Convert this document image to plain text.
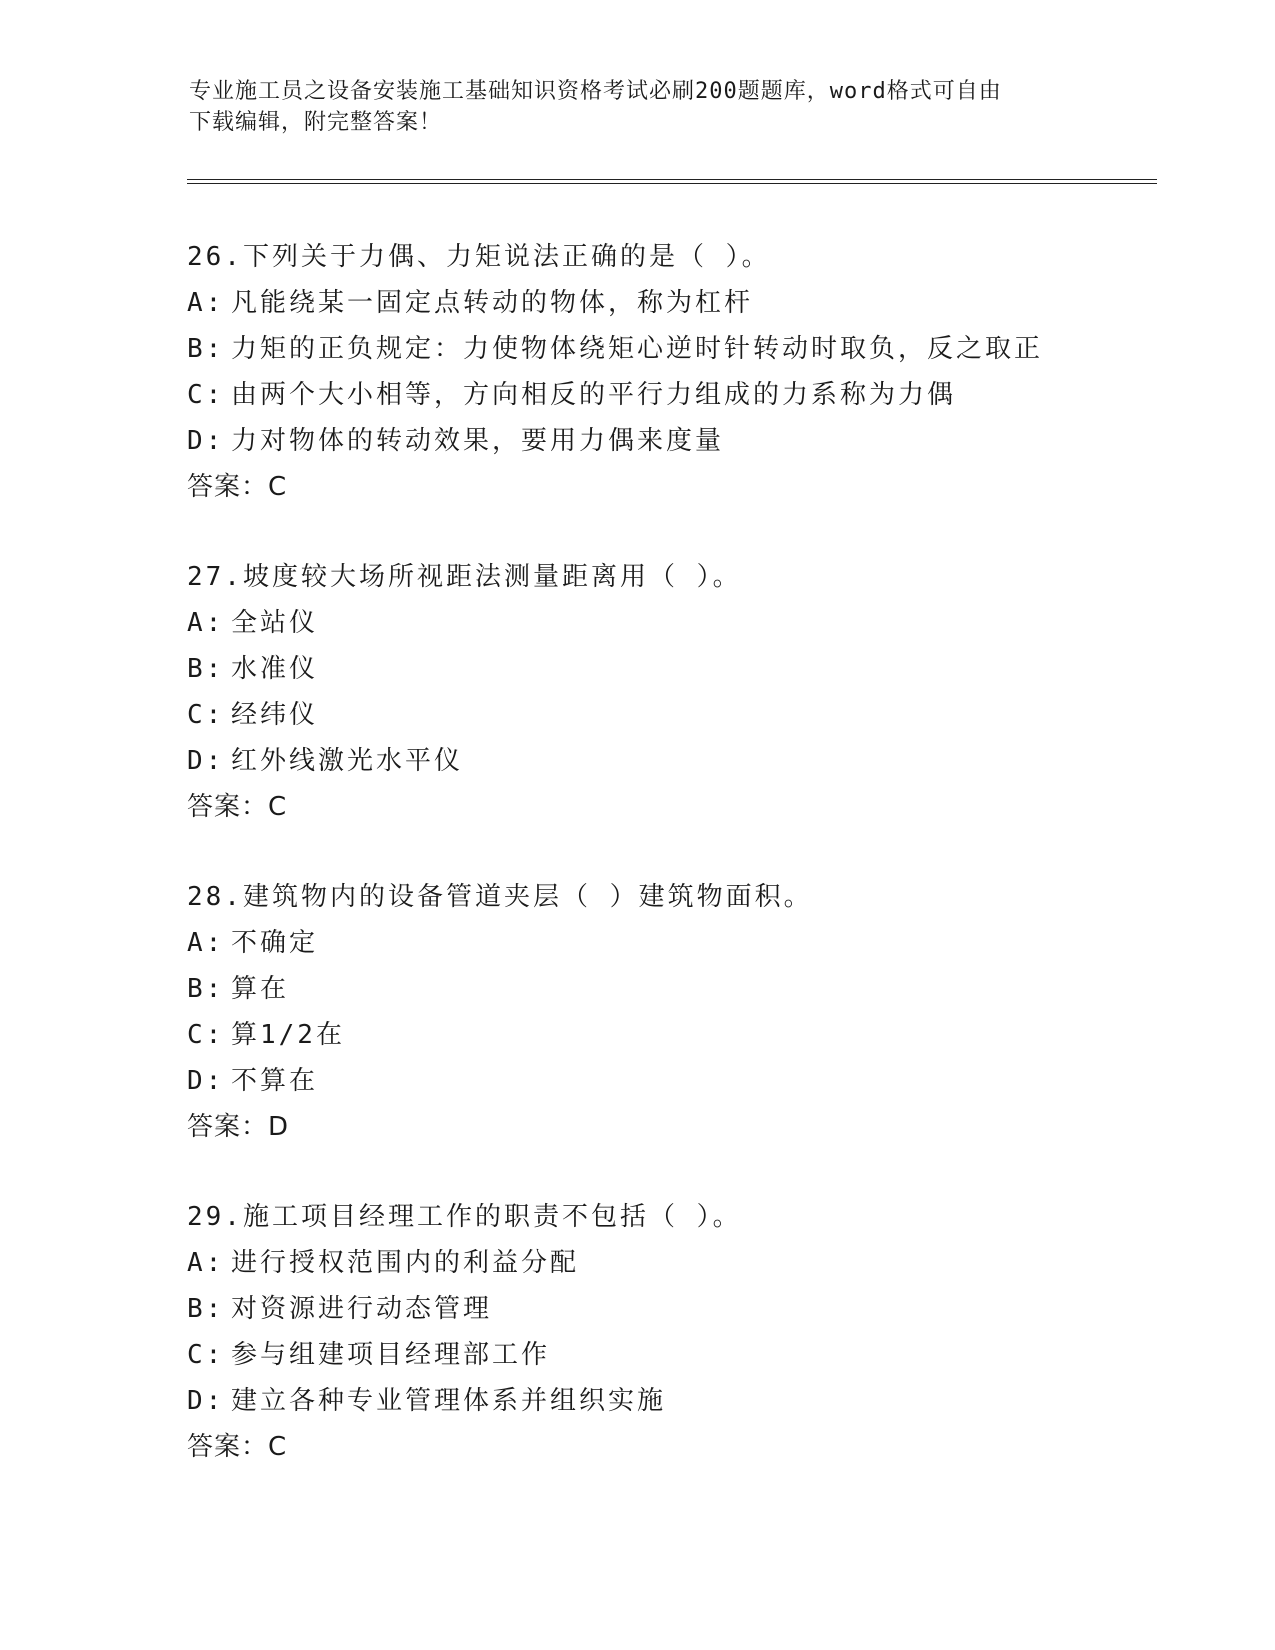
专业施工员之设备安装施工基础知识资格考试必刷200题题库，word格式可自由
下载编辑，附完整答案！
26.下列关于力偶、力矩说法正确的是（ ）。
A: 凡能绕某一固定点转动的物体，称为杠杆
B: 力矩的正负规定：力使物体绕矩心逆时针转动时取负，反之取正
C: 由两个大小相等，方向相反的平行力组成的力系称为力偶
D: 力对物体的转动效果，要用力偶来度量
答案：C
27.坡度较大场所视距法测量距离用（ ）。
A: 全站仪
B: 水准仪
C: 经纬仪
D: 红外线激光水平仪
答案：C
28.建筑物内的设备管道夹层（ ）建筑物面积。
A: 不确定
B: 算在
C: 算1/2在
D: 不算在
答案：D
29.施工项目经理工作的职责不包括（ ）。
A: 进行授权范围内的利益分配
B: 对资源进行动态管理
C: 参与组建项目经理部工作
D: 建立各种专业管理体系并组织实施
答案：C
